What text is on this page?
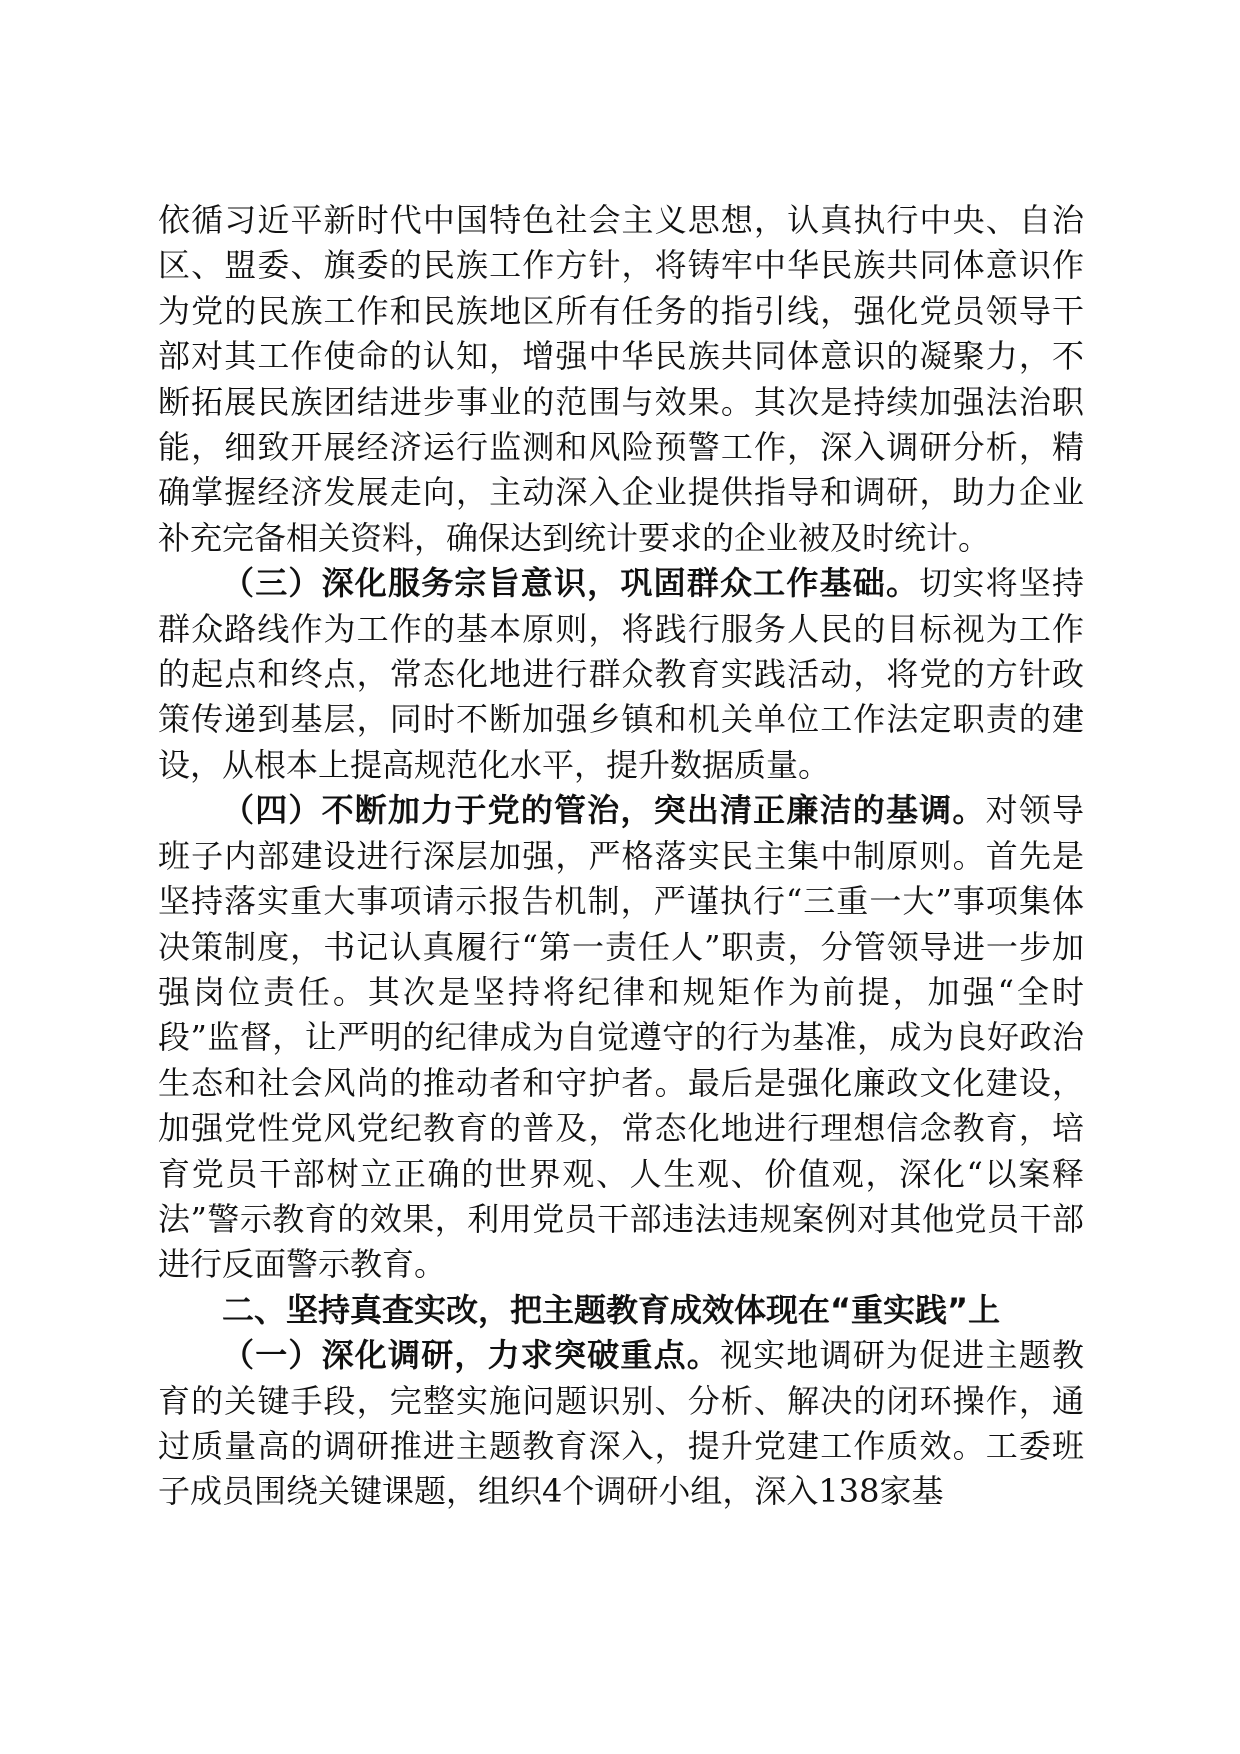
依循习近平新时代中国特色社会主义思想，认真执行中央、自治区、盟委、旗委的民族工作方针，将铸牢中华民族共同体意识作为党的民族工作和民族地区所有任务的指引线，强化党员领导干部对其工作使命的认知，增强中华民族共同体意识的凝聚力，不断拓展民族团结进步事业的范围与效果。其次是持续加强法治职能，细致开展经济运行监测和风险预警工作，深入调研分析，精确掌握经济发展走向，主动深入企业提供指导和调研，助力企业补充完备相关资料，确保达到统计要求的企业被及时统计。

（三）深化服务宗旨意识，巩固群众工作基础。切实将坚持群众路线作为工作的基本原则，将践行服务人民的目标视为工作的起点和终点，常态化地进行群众教育实践活动，将党的方针政策传递到基层，同时不断加强乡镇和机关单位工作法定职责的建设，从根本上提高规范化水平，提升数据质量。

（四）不断加力于党的管治，突出清正廉洁的基调。对领导班子内部建设进行深层加强，严格落实民主集中制原则。首先是坚持落实重大事项请示报告机制，严谨执行“三重一大”事项集体决策制度，书记认真履行“第一责任人”职责，分管领导进一步加强岗位责任。其次是坚持将纪律和规矩作为前提，加强“全时段”监督，让严明的纪律成为自觉遵守的行为基准，成为良好政治生态和社会风尚的推动者和守护者。最后是强化廉政文化建设，加强党性党风党纪教育的普及，常态化地进行理想信念教育，培育党员干部树立正确的世界观、人生观、价值观，深化“以案释法”警示教育的效果，利用党员干部违法违规案例对其他党员干部进行反面警示教育。

二、坚持真查实改，把主题教育成效体现在“重实践”上

（一）深化调研，力求突破重点。视实地调研为促进主题教育的关键手段，完整实施问题识别、分析、解决的闭环操作，通过质量高的调研推进主题教育深入，提升党建工作质效。工委班子成员围绕关键课题，组织4个调研小组，深入138家基
